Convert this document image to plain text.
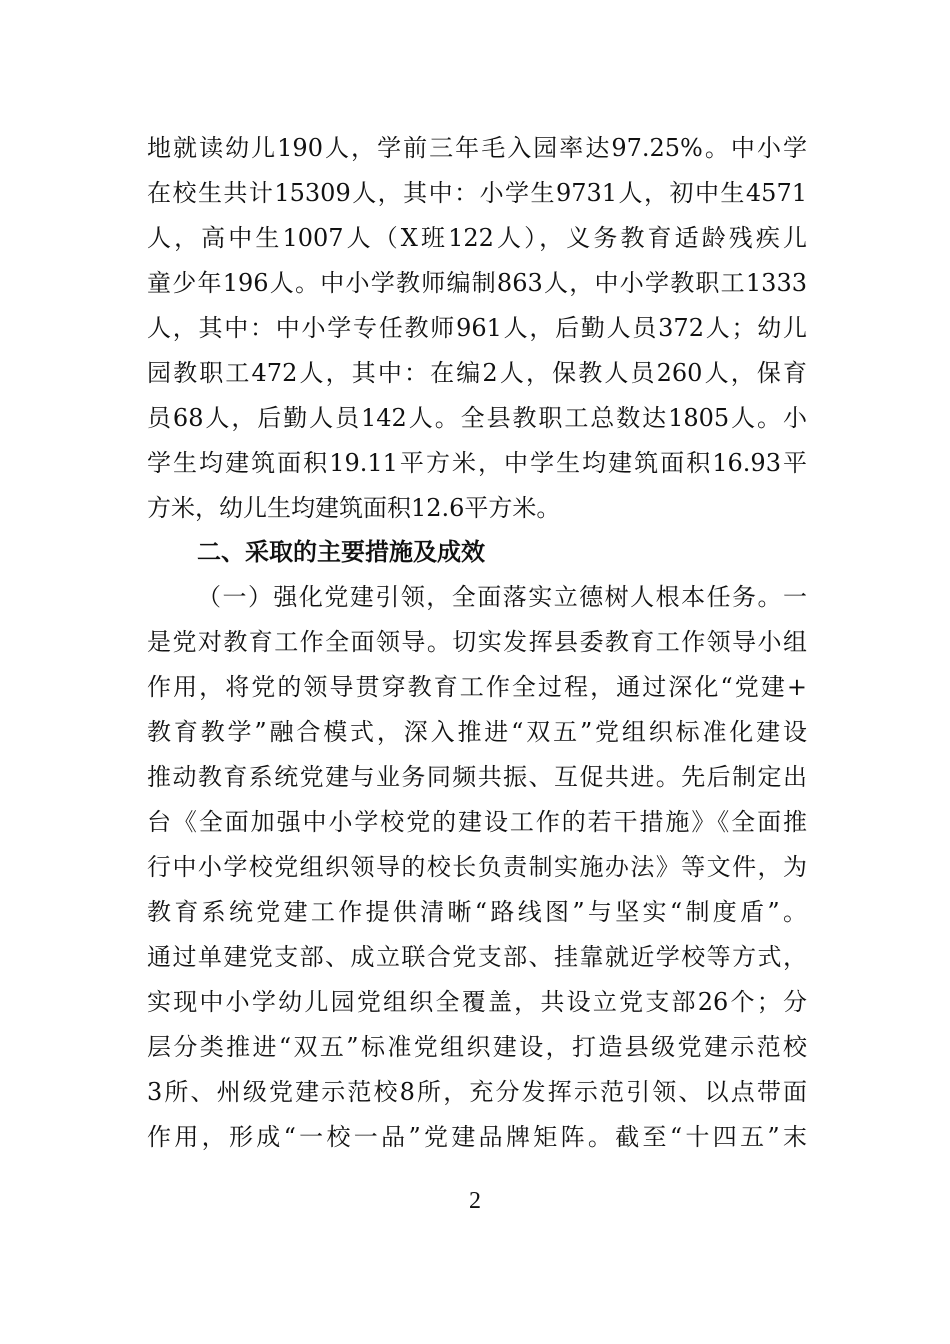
地就读幼儿190人，学前三年毛入园率达97.25%。中小学
在校生共计15309人，其中：小学生9731人，初中生4571
人，高中生1007人（X班122人），义务教育适龄残疾儿
童少年196人。中小学教师编制863人，中小学教职工1333
人，其中：中小学专任教师961人，后勤人员372人；幼儿
园教职工472人，其中：在编2人，保教人员260人，保育
员68人，后勤人员142人。全县教职工总数达1805人。小
学生均建筑面积19.11平方米，中学生均建筑面积16.93平
方米，幼儿生均建筑面积12.6平方米。
二、采取的主要措施及成效
（一）强化党建引领，全面落实立德树人根本任务。一
是党对教育工作全面领导。切实发挥县委教育工作领导小组
作用，将党的领导贯穿教育工作全过程，通过深化“党建+
教育教学”融合模式，深入推进“双五”党组织标准化建设
推动教育系统党建与业务同频共振、互促共进。先后制定出
台《全面加强中小学校党的建设工作的若干措施》《全面推
行中小学校党组织领导的校长负责制实施办法》等文件，为
教育系统党建工作提供清晰“路线图”与坚实“制度盾”。
通过单建党支部、成立联合党支部、挂靠就近学校等方式，
实现中小学幼儿园党组织全覆盖，共设立党支部26个；分
层分类推进“双五”标准党组织建设，打造县级党建示范校
3所、州级党建示范校8所，充分发挥示范引领、以点带面
作用，形成“一校一品”党建品牌矩阵。截至“十四五”末
2
